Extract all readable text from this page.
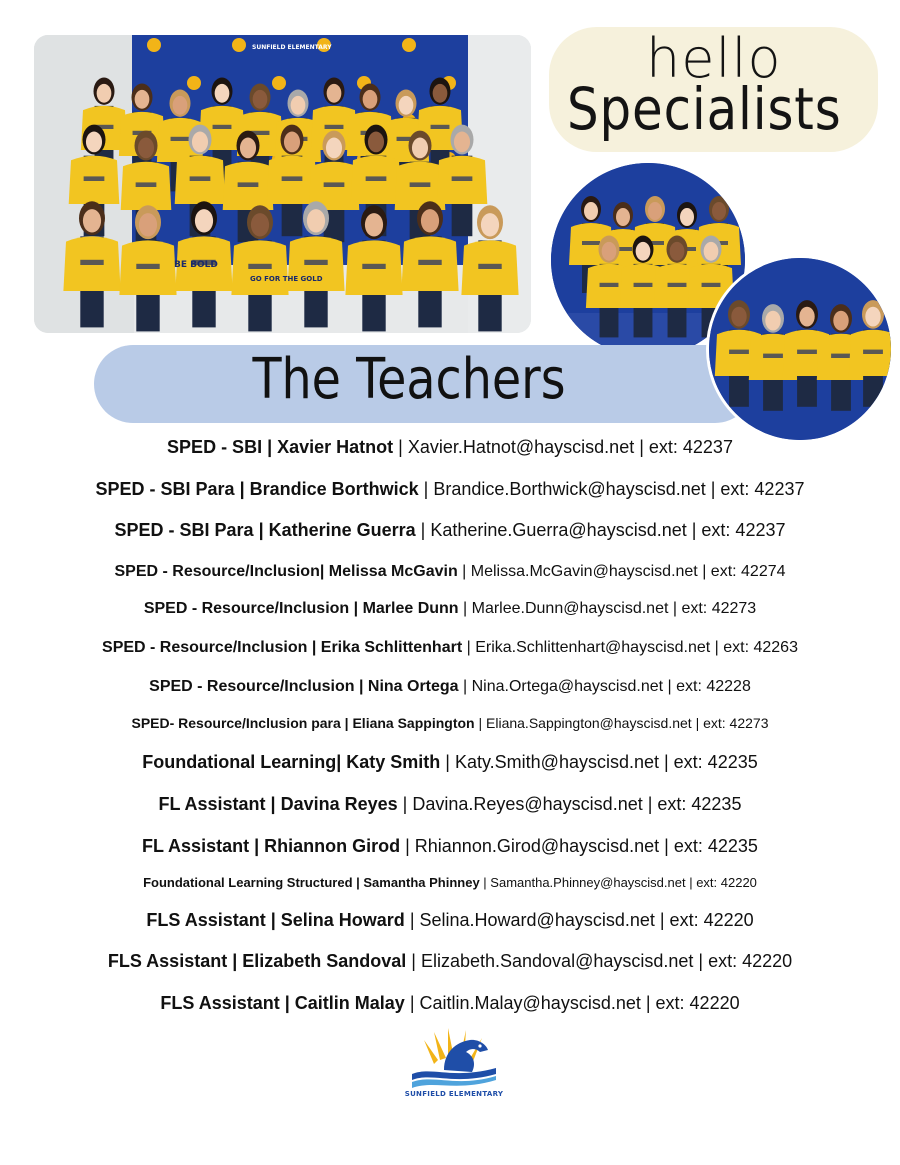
BE BOLD
SUNFIELD ELEMENTARY
GO FOR THE GOLD
hello
Specialists
The Teachers
SPED - SBI | Xavier Hatnot | Xavier.Hatnot@hayscisd.net | ext: 42237
SPED - SBI Para | Brandice Borthwick | Brandice.Borthwick@hayscisd.net | ext: 42237
SPED - SBI Para | Katherine Guerra | Katherine.Guerra@hayscisd.net | ext: 42237
SPED - Resource/Inclusion| Melissa McGavin | Melissa.McGavin@hayscisd.net | ext: 42274
SPED - Resource/Inclusion | Marlee Dunn | Marlee.Dunn@hayscisd.net | ext: 42273
SPED - Resource/Inclusion | Erika Schlittenhart | Erika.Schlittenhart@hayscisd.net | ext: 42263
SPED - Resource/Inclusion | Nina Ortega | Nina.Ortega@hayscisd.net | ext: 42228
SPED- Resource/Inclusion para | Eliana Sappington | Eliana.Sappington@hayscisd.net | ext: 42273
Foundational Learning| Katy Smith | Katy.Smith@hayscisd.net | ext: 42235
FL Assistant | Davina Reyes | Davina.Reyes@hayscisd.net | ext: 42235
FL Assistant | Rhiannon Girod | Rhiannon.Girod@hayscisd.net | ext: 42235
Foundational Learning Structured | Samantha Phinney | Samantha.Phinney@hayscisd.net | ext: 42220
FLS Assistant | Selina Howard | Selina.Howard@hayscisd.net | ext: 42220
FLS Assistant | Elizabeth Sandoval | Elizabeth.Sandoval@hayscisd.net | ext: 42220
FLS Assistant | Caitlin Malay | Caitlin.Malay@hayscisd.net | ext: 42220
SUNFIELD ELEMENTARY
